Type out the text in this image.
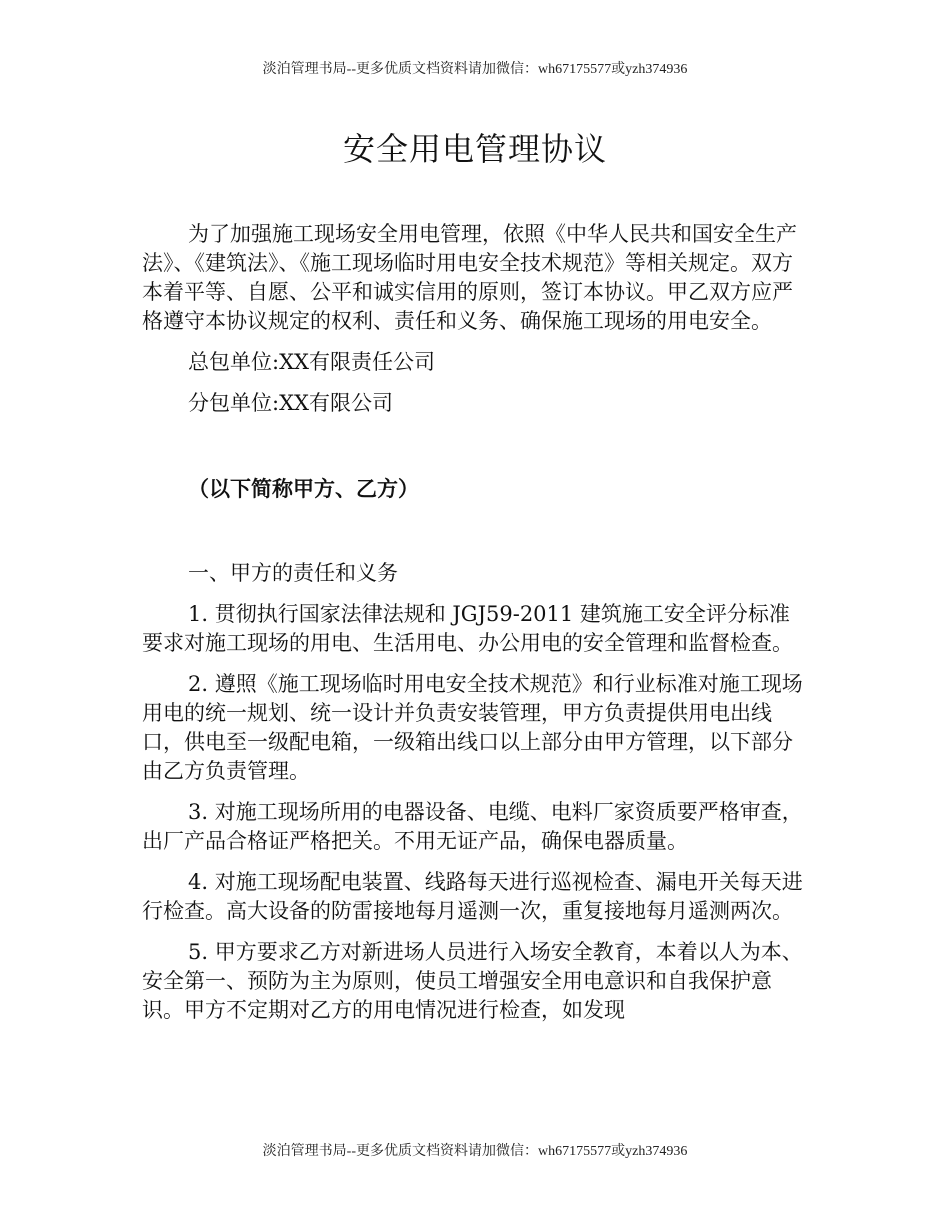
淡泊管理书局--更多优质文档资料请加微信：wh67175577或yzh374936
安全用电管理协议

为了加强施工现场安全用电管理，依照《中华人民共和国安全生产法》、《建筑法》、《施工现场临时用电安全技术规范》等相关规定。双方本着平等、自愿、公平和诚实信用的原则，签订本协议。甲乙双方应严格遵守本协议规定的权利、责任和义务、确保施工现场的用电安全。

总包单位:XX有限责任公司

分包单位:XX有限公司

（以下简称甲方、乙方）

一、甲方的责任和义务

1. 贯彻执行国家法律法规和 JGJ59-2011 建筑施工安全评分标准要求对施工现场的用电、生活用电、办公用电的安全管理和监督检查。

2. 遵照《施工现场临时用电安全技术规范》和行业标准对施工现场用电的统一规划、统一设计并负责安装管理，甲方负责提供用电出线口，供电至一级配电箱，一级箱出线口以上部分由甲方管理，以下部分由乙方负责管理。

3. 对施工现场所用的电器设备、电缆、电料厂家资质要严格审查，出厂产品合格证严格把关。不用无证产品，确保电器质量。

4. 对施工现场配电装置、线路每天进行巡视检查、漏电开关每天进行检查。高大设备的防雷接地每月遥测一次，重复接地每月遥测两次。

5. 甲方要求乙方对新进场人员进行入场安全教育，本着以人为本、安全第一、预防为主为原则，使员工增强安全用电意识和自我保护意识。甲方不定期对乙方的用电情况进行检查，如发现

淡泊管理书局--更多优质文档资料请加微信：wh67175577或yzh374936
